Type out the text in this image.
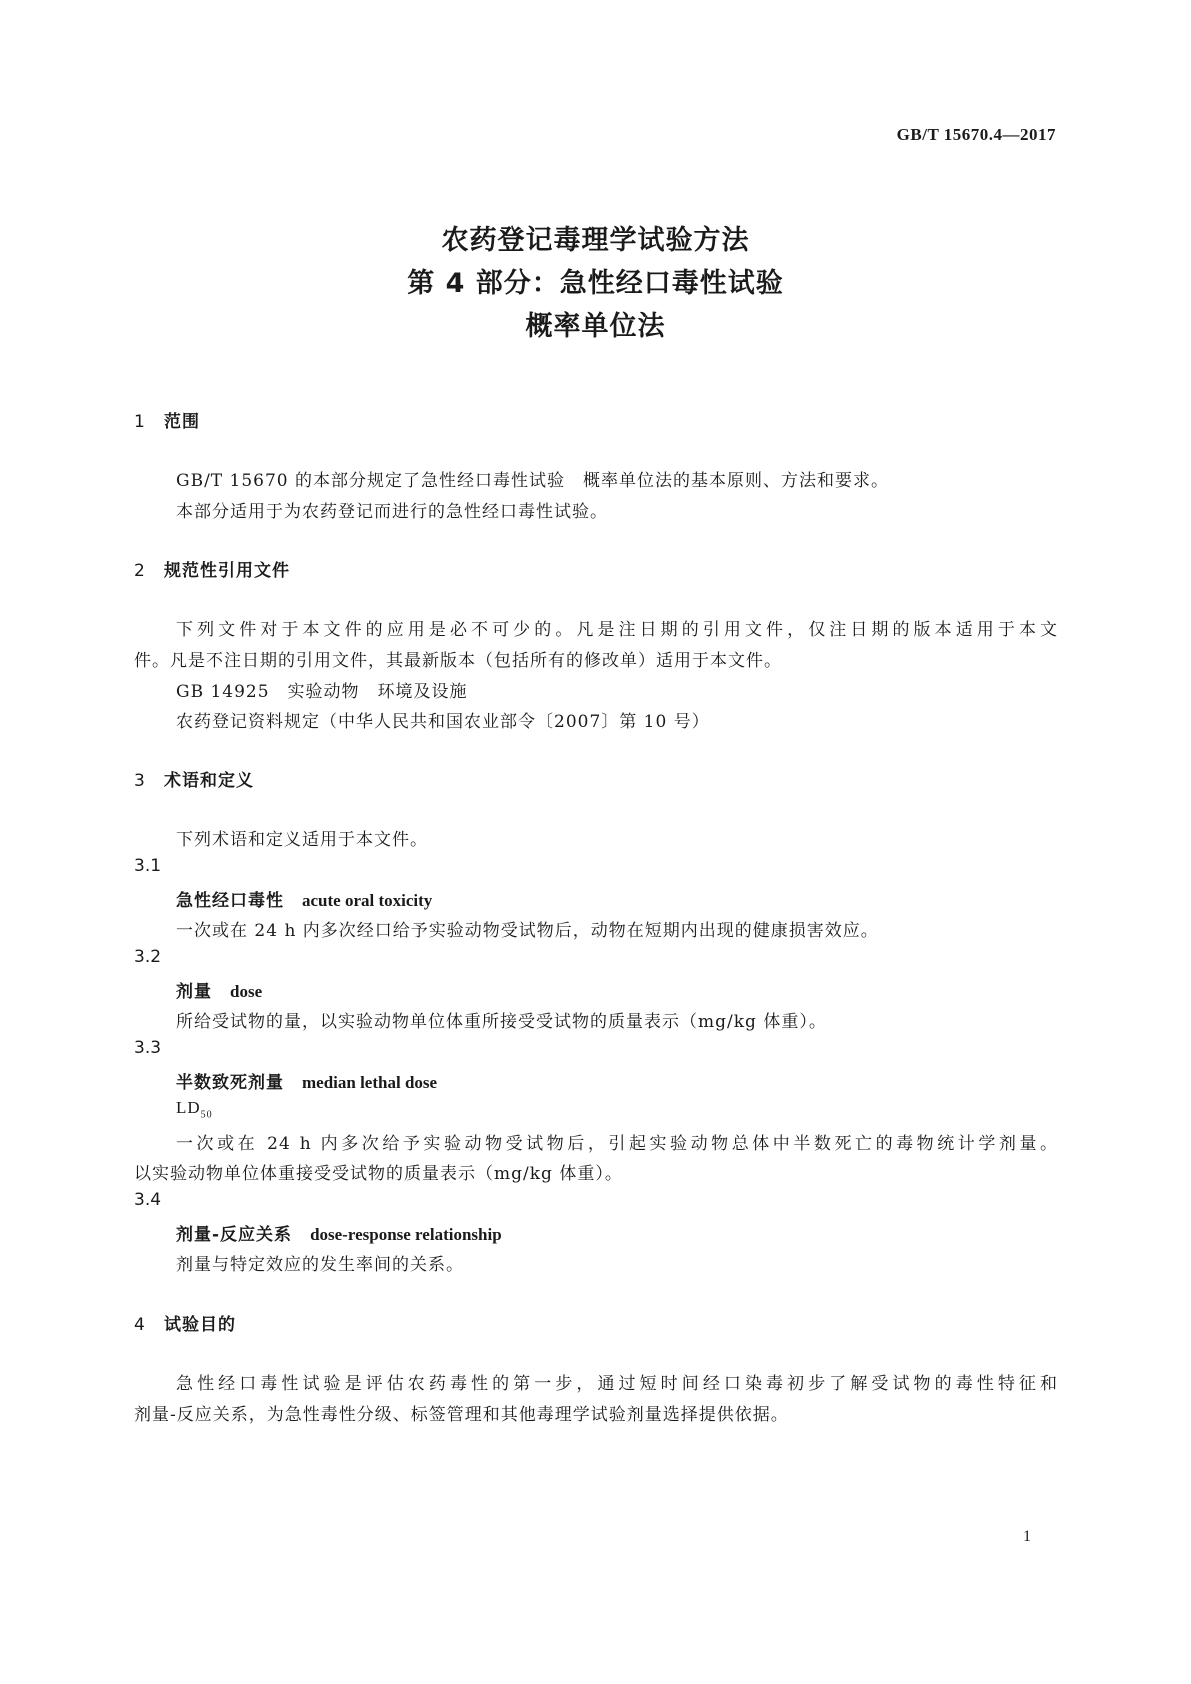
GB/T 15670.4—2017
农药登记毒理学试验方法
第 4 部分：急性经口毒性试验
概率单位法
1 范围
GB/T 15670 的本部分规定了急性经口毒性试验　概率单位法的基本原则、方法和要求。
本部分适用于为农药登记而进行的急性经口毒性试验。
2 规范性引用文件
下列文件对于本文件的应用是必不可少的。凡是注日期的引用文件，仅注日期的版本适用于本文
件。凡是不注日期的引用文件，其最新版本（包括所有的修改单）适用于本文件。
GB 14925　实验动物　环境及设施
农药登记资料规定（中华人民共和国农业部令〔2007〕第 10 号）
3 术语和定义
下列术语和定义适用于本文件。
3.1
急性经口毒性 acute oral toxicity
一次或在 24 h 内多次经口给予实验动物受试物后，动物在短期内出现的健康损害效应。
3.2
剂量 dose
所给受试物的量，以实验动物单位体重所接受受试物的质量表示（mg/kg 体重）。
3.3
半数致死剂量 median lethal dose
$LD_{50}$
一次或在 24 h 内多次给予实验动物受试物后，引起实验动物总体中半数死亡的毒物统计学剂量。
以实验动物单位体重接受受试物的质量表示（mg/kg 体重）。
3.4
剂量-反应关系 dose-response relationship
剂量与特定效应的发生率间的关系。
4 试验目的
急性经口毒性试验是评估农药毒性的第一步，通过短时间经口染毒初步了解受试物的毒性特征和
剂量-反应关系，为急性毒性分级、标签管理和其他毒理学试验剂量选择提供依据。
1
